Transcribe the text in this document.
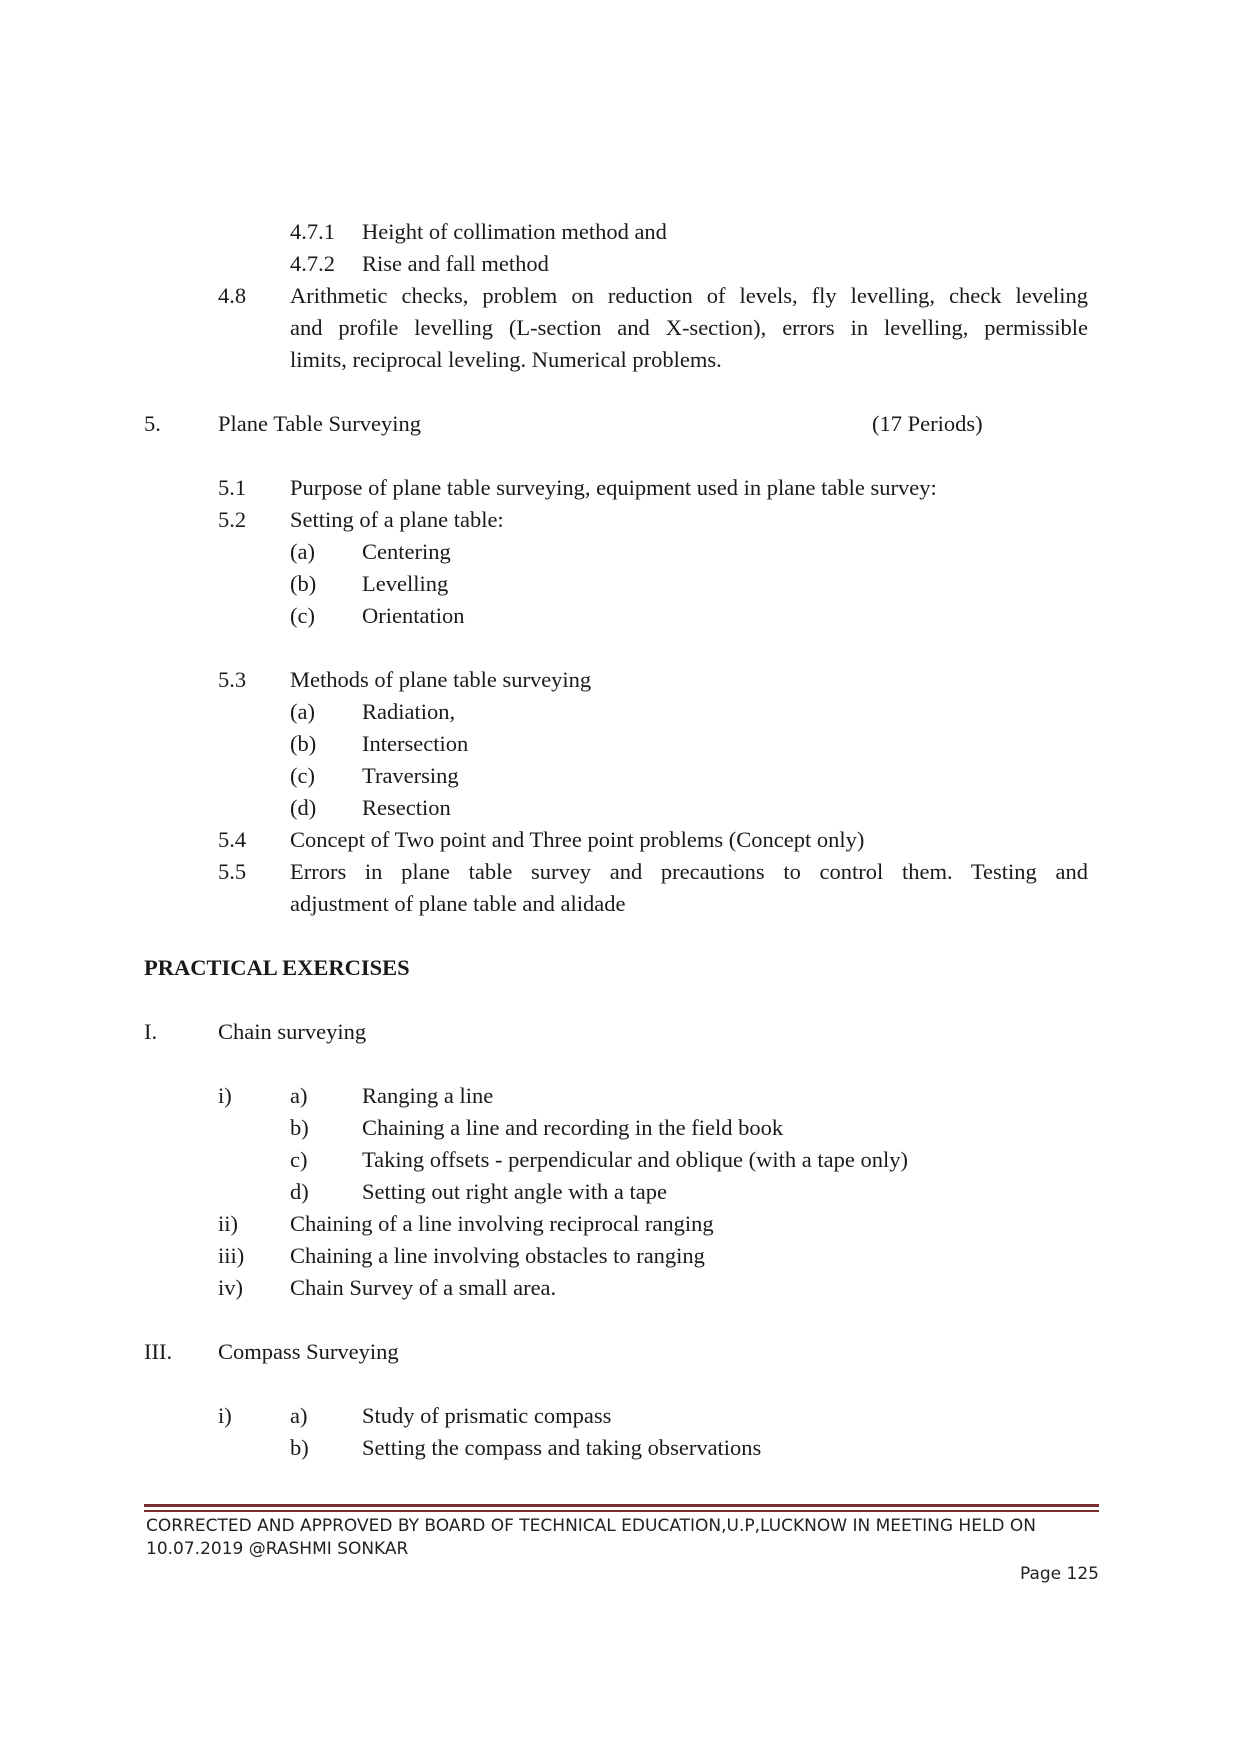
4.7.1 Height of collimation method and
4.7.2 Rise and fall method
4.8 Arithmetic checks, problem on reduction of levels, fly levelling, check leveling
and profile levelling (L-section and X-section), errors in levelling, permissible
limits, reciprocal leveling. Numerical problems.
5.	Plane Table Surveying	(17 Periods)
5.1 Purpose of plane table surveying, equipment used in plane table survey:
5.2 Setting of a plane table:
(a) Centering
(b) Levelling
(c) Orientation
5.3 Methods of plane table surveying
(a) Radiation,
(b) Intersection
(c) Traversing
(d) Resection
5.4 Concept of Two point and Three point problems (Concept only)
5.5 Errors in plane table survey and precautions to control them. Testing and
adjustment of plane table and alidade
PRACTICAL EXERCISES
I.	Chain surveying
i)	a) Ranging a line
b) Chaining a line and recording in the field book
c) Taking offsets - perpendicular and oblique (with a tape only)
d) Setting out right angle with a tape
ii) Chaining of a line involving reciprocal ranging
iii) Chaining a line involving obstacles to ranging
iv) Chain Survey of a small area.
III. Compass Surveying
i)	a) Study of prismatic compass
b) Setting the compass and taking observations
CORRECTED AND APPROVED BY BOARD OF TECHNICAL EDUCATION,U.P,LUCKNOW IN MEETING HELD ON
10.07.2019 @RASHMI SONKAR
Page 125
